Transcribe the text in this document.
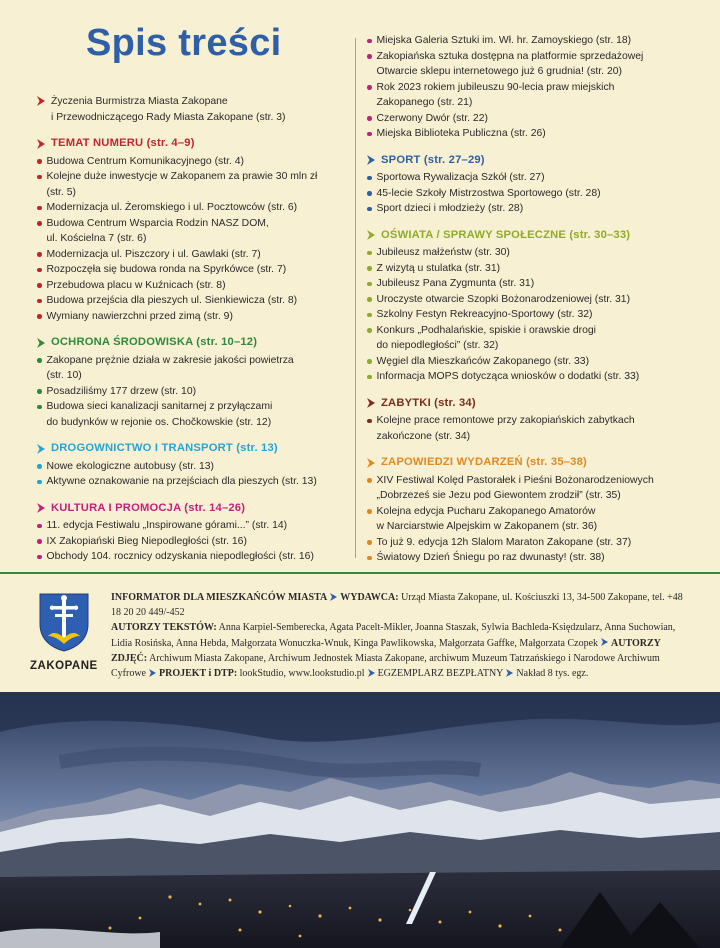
Spis treści
Życzenia Burmistrza Miasta Zakopane
i Przewodniczącego Rady Miasta Zakopane (str. 3)
TEMAT NUMERU (str. 4–9)
Budowa Centrum Komunikacyjnego (str. 4)
Kolejne duże inwestycje w Zakopanem za prawie 30 mln zł
(str. 5)
Modernizacja ul. Żeromskiego i ul. Pocztowców (str. 6)
Budowa Centrum Wsparcia Rodzin NASZ DOM,
ul. Kościelna 7 (str. 6)
Modernizacja ul. Piszczory i ul. Gawlaki (str. 7)
Rozpoczęła się budowa ronda na Spyrkówce (str. 7)
Przebudowa placu w Kuźnicach (str. 8)
Budowa przejścia dla pieszych ul. Sienkiewicza (str. 8)
Wymiany nawierzchni przed zimą (str. 9)
OCHRONA ŚRODOWISKA (str. 10–12)
Zakopane prężnie działa w zakresie jakości powietrza
(str. 10)
Posadziliśmy 177 drzew (str. 10)
Budowa sieci kanalizacji sanitarnej z przyłączami
do budynków w rejonie os. Chočkowskie (str. 12)
DROGOWNICTWO I TRANSPORT (str. 13)
Nowe ekologiczne autobusy (str. 13)
Aktywne oznakowanie na przejściach dla pieszych (str. 13)
KULTURA I PROMOCJA (str. 14–26)
11. edycja Festiwalu „Inspirowane górami...” (str. 14)
IX Zakopiański Bieg Niepodległości (str. 16)
Obchody 104. rocznicy odzyskania niepodległości (str. 16)
Miejska Galeria Sztuki im. Wł. hr. Zamoyskiego (str. 18)
Zakopiańska sztuka dostępna na platformie sprzedażowej
Otwarcie sklepu internetowego już 6 grudnia! (str. 20)
Rok 2023 rokiem jubileuszu 90-lecia praw miejskich
Zakopanego (str. 21)
Czerwony Dwór (str. 22)
Miejska Biblioteka Publiczna (str. 26)
SPORT (str. 27–29)
Sportowa Rywalizacja Szkół (str. 27)
45-lecie Szkoły Mistrzostwa Sportowego (str. 28)
Sport dzieci i młodzieży (str. 28)
OŚWIATA / SPRAWY SPOŁECZNE (str. 30–33)
Jubileusz małżeństw (str. 30)
Z wizytą u stulatka (str. 31)
Jubileusz Pana Zygmunta (str. 31)
Uroczyste otwarcie Szopki Bożonarodzeniowej (str. 31)
Szkolny Festyn Rekreacyjno-Sportowy (str. 32)
Konkurs „Podhalańskie, spiskie i orawskie drogi
do niepodległości” (str. 32)
Węgiel dla Mieszkańców Zakopanego (str. 33)
Informacja MOPS dotycząca wniosków o dodatki (str. 33)
ZABYTKI (str. 34)
Kolejne prace remontowe przy zakopiańskich zabytkach
zakończone (str. 34)
ZAPOWIEDZI WYDARZEŃ (str. 35–38)
XIV Festiwal Kolęd Pastorałek i Pieśni Bożonarodzeniowych
„Dobrzeześ sie Jezu pod Giewontem zrodził” (str. 35)
Kolejna edycja Pucharu Zakopanego Amatorów
w Narciarstwie Alpejskim w Zakopanem (str. 36)
To już 9. edycja 12h Slalom Maraton Zakopane (str. 37)
Światowy Dzień Śniegu po raz dwunasty! (str. 38)
ZAKOPANE
INFORMATOR DLA MIESZKAŃCÓW MIASTA WYDAWCA: Urząd Miasta Zakopane, ul. Kościuszki 13, 34-500 Zakopane, tel. +48 18 20 20 449/-452
AUTORZY TEKSTÓW: Anna Karpiel-Semberecka, Agata Pacelt-Mikler, Joanna Staszak, Sylwia Bachleda-Księdzularz, Anna Suchowian, Lidia Rosińska, Anna Hebda, Małgorzata Wonuczka-Wnuk, Kinga Pawlikowska, Małgorzata Gaffke, Małgorzata Czopek AUTORZY ZDJĘĆ: Archiwum Miasta Zakopane, Archiwum Jednostek Miasta Zakopane, archiwum Muzeum Tatrzańskiego i Narodowe Archiwum Cyfrowe PROJEKT i DTP: lookStudio, www.lookstudio.pl EGZEMPLARZ BEZPŁATNY Nakład 8 tys. egz.
